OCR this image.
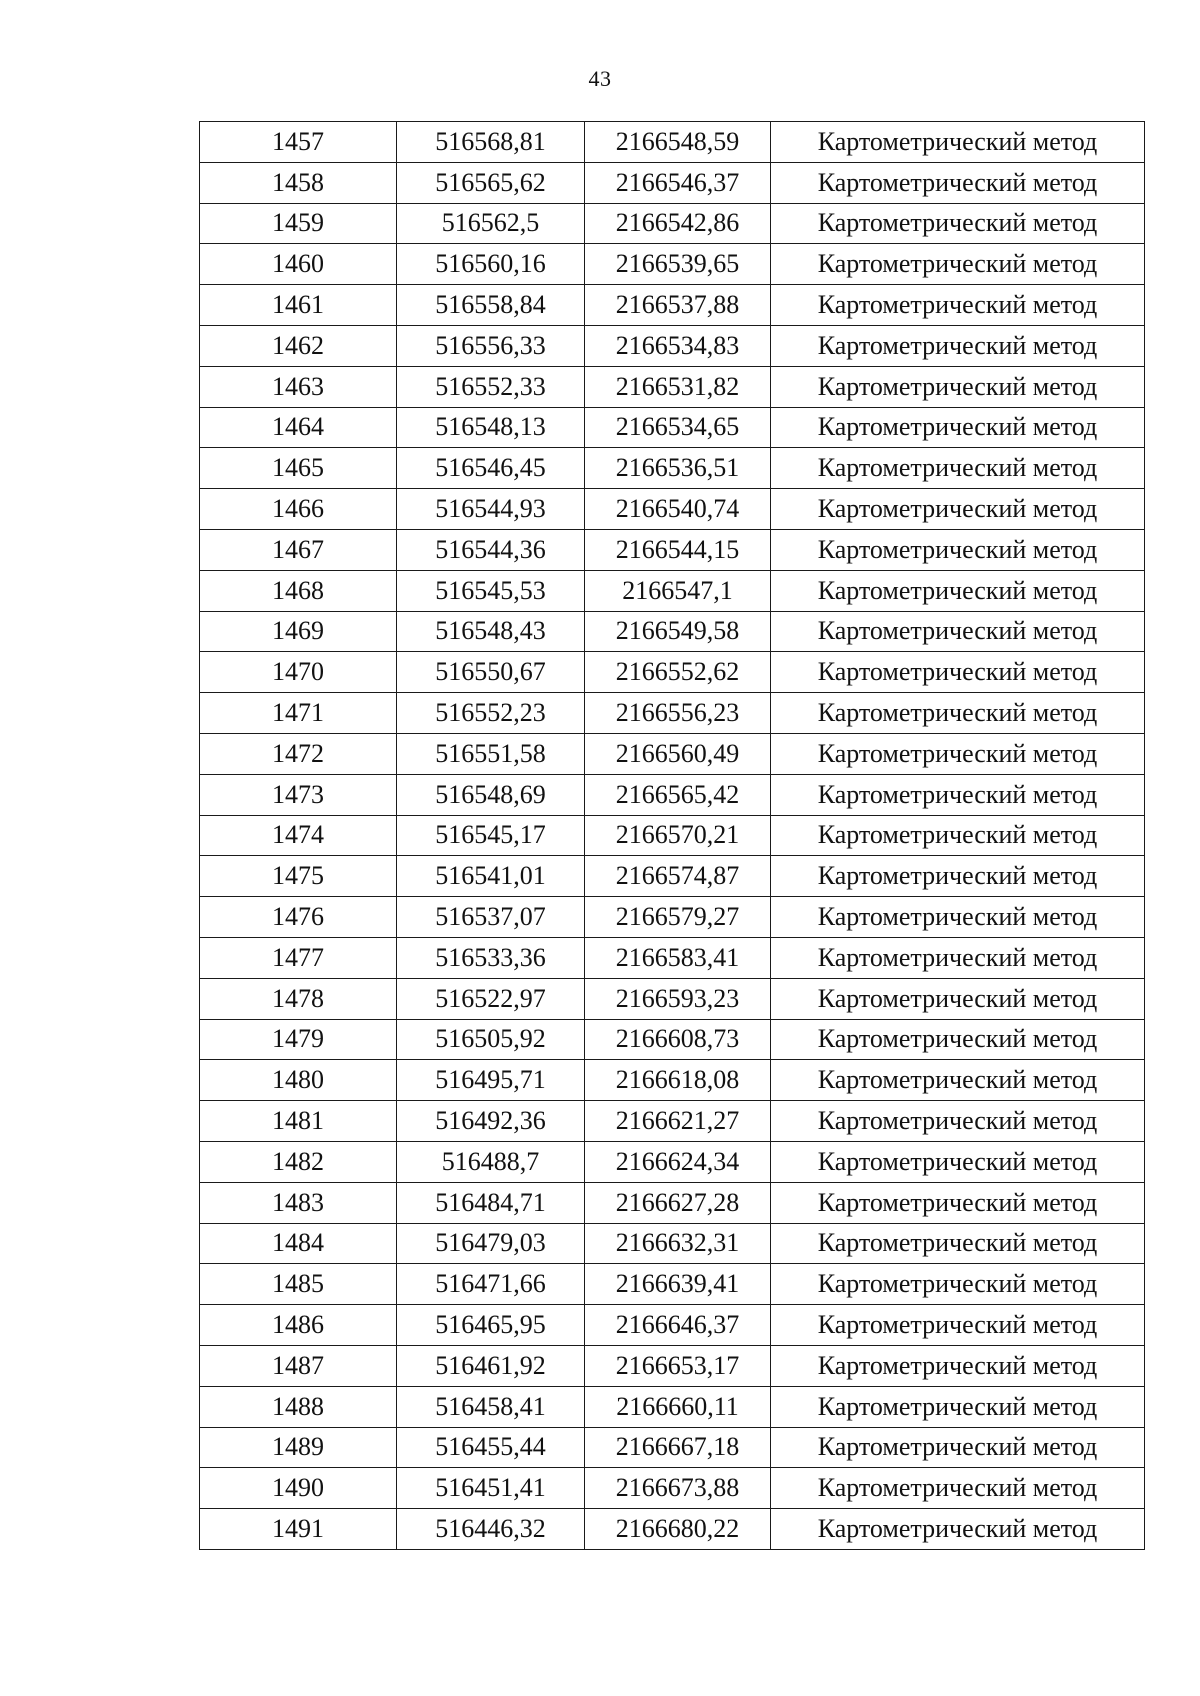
43
1457	516568,81	2166548,59	Картометрический метод
1458	516565,62	2166546,37	Картометрический метод
1459	516562,5	2166542,86	Картометрический метод
1460	516560,16	2166539,65	Картометрический метод
1461	516558,84	2166537,88	Картометрический метод
1462	516556,33	2166534,83	Картометрический метод
1463	516552,33	2166531,82	Картометрический метод
1464	516548,13	2166534,65	Картометрический метод
1465	516546,45	2166536,51	Картометрический метод
1466	516544,93	2166540,74	Картометрический метод
1467	516544,36	2166544,15	Картометрический метод
1468	516545,53	2166547,1	Картометрический метод
1469	516548,43	2166549,58	Картометрический метод
1470	516550,67	2166552,62	Картометрический метод
1471	516552,23	2166556,23	Картометрический метод
1472	516551,58	2166560,49	Картометрический метод
1473	516548,69	2166565,42	Картометрический метод
1474	516545,17	2166570,21	Картометрический метод
1475	516541,01	2166574,87	Картометрический метод
1476	516537,07	2166579,27	Картометрический метод
1477	516533,36	2166583,41	Картометрический метод
1478	516522,97	2166593,23	Картометрический метод
1479	516505,92	2166608,73	Картометрический метод
1480	516495,71	2166618,08	Картометрический метод
1481	516492,36	2166621,27	Картометрический метод
1482	516488,7	2166624,34	Картометрический метод
1483	516484,71	2166627,28	Картометрический метод
1484	516479,03	2166632,31	Картометрический метод
1485	516471,66	2166639,41	Картометрический метод
1486	516465,95	2166646,37	Картометрический метод
1487	516461,92	2166653,17	Картометрический метод
1488	516458,41	2166660,11	Картометрический метод
1489	516455,44	2166667,18	Картометрический метод
1490	516451,41	2166673,88	Картометрический метод
1491	516446,32	2166680,22	Картометрический метод
